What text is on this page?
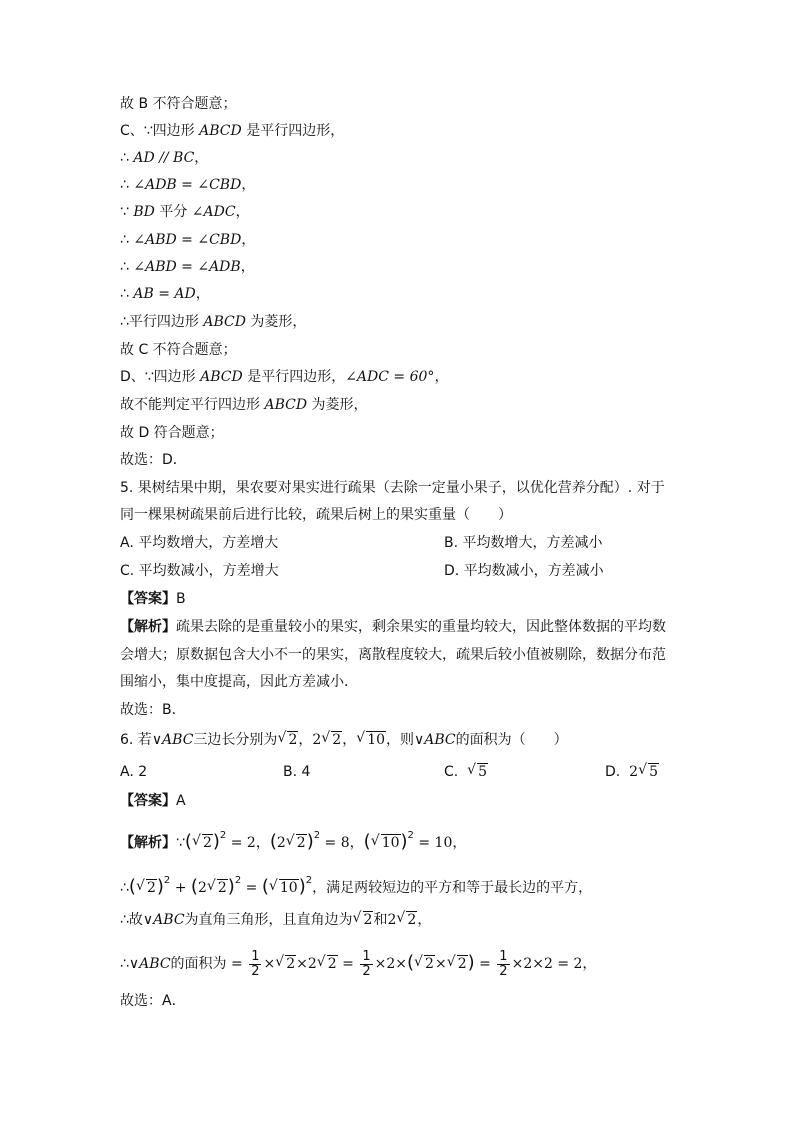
故 B 不符合题意；
C、∵四边形 ABCD 是平行四边形，
∴ AD // BC，
∴ ∠ADB = ∠CBD，
∵ BD 平分 ∠ADC，
∴ ∠ABD = ∠CBD，
∴ ∠ABD = ∠ADB，
∴ AB = AD，
∴平行四边形 ABCD 为菱形，
故 C 不符合题意；
D、∵四边形 ABCD 是平行四边形，∠ADC = 60°，
故不能判定平行四边形 ABCD 为菱形，
故 D 符合题意；
故选：D．
5. 果树结果中期，果农要对果实进行疏果（去除一定量小果子，以优化营养分配）. 对于
同一棵果树疏果前后进行比较，疏果后树上的果实重量（　　）
A. 平均数增大，方差增大	B. 平均数增大，方差减小
C. 平均数减小，方差增大	D. 平均数减小，方差减小
【答案】B
【解析】疏果去除的是重量较小的果实，剩余果实的重量均较大，因此整体数据的平均数
会增大；原数据包含大小不一的果实，离散程度较大，疏果后较小值被剔除，数据分布范
围缩小，集中度提高，因此方差减小．
故选：B．
6. 若∨ABC三边长分别为√ 2，2√ 2，√ 10，则∨ABC的面积为（　　）
A. 2	B. 4	C.  √ 5	D. 2√ 5
【答案】A
【解析】∵(√ 2)$^2$ = 2，(2√ 2)$^2$ = 8，(√ 10)$^2$ = 10，
∴(√ 2)$^2$ + (2√ 2)$^2$ = (√ 10)$^2$，满足两较短边的平方和等于最长边的平方，
∴故∨ABC为直角三角形，且直角边为√ 2和2√ 2，
∴∨ABC的面积为 = $\frac{1}{2}$ ×√ 2×2√ $2 = \frac{1}{2} \times 2\times(√$ 2×√ $2) = \frac{1}{2} \times 2\times 2 = 2$，
故选：A．
